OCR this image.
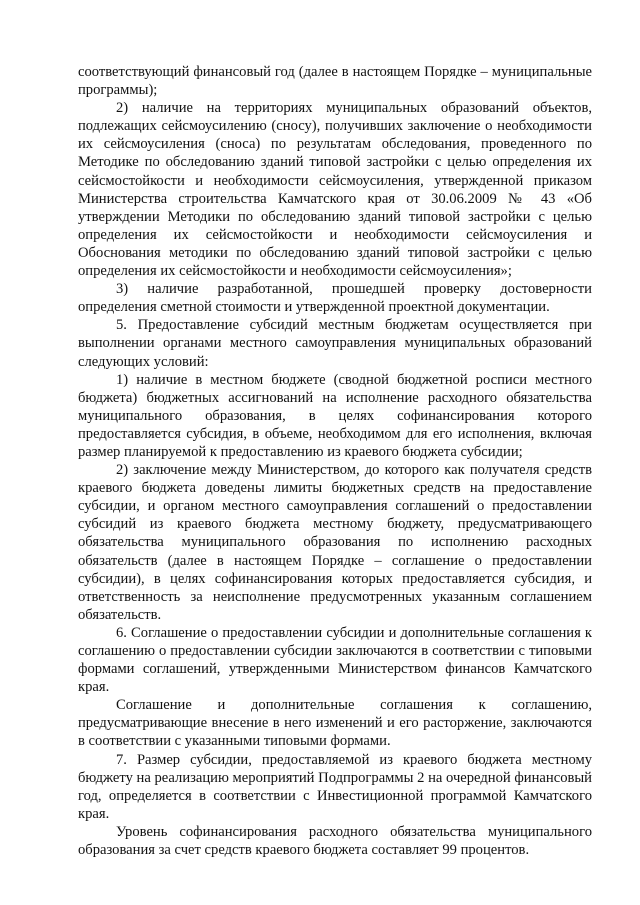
соответствующий финансовый год (далее в настоящем Порядке – муниципальные программы);

2) наличие на территориях муниципальных образований объектов, подлежащих сейсмоусилению (сносу), получивших заключение о необходимости их сейсмоусиления (сноса) по результатам обследования, проведенного по Методике по обследованию зданий типовой застройки с целью определения их сейсмостойкости и необходимости сейсмоусиления, утвержденной приказом Министерства строительства Камчатского края от 30.06.2009 № 43 «Об утверждении Методики по обследованию зданий типовой застройки с целью определения их сейсмостойкости и необходимости сейсмоусиления и Обоснования методики по обследованию зданий типовой застройки с целью определения их сейсмостойкости и необходимости сейсмоусиления»;

3) наличие разработанной, прошедшей проверку достоверности определения сметной стоимости и утвержденной проектной документации.

5. Предоставление субсидий местным бюджетам осуществляется при выполнении органами местного самоуправления муниципальных образований следующих условий:

1) наличие в местном бюджете (сводной бюджетной росписи местного бюджета) бюджетных ассигнований на исполнение расходного обязательства муниципального образования, в целях софинансирования которого предоставляется субсидия, в объеме, необходимом для его исполнения, включая размер планируемой к предоставлению из краевого бюджета субсидии;

2) заключение между Министерством, до которого как получателя средств краевого бюджета доведены лимиты бюджетных средств на предоставление субсидии, и органом местного самоуправления соглашений о предоставлении субсидий из краевого бюджета местному бюджету, предусматривающего обязательства муниципального образования по исполнению расходных обязательств (далее в настоящем Порядке – соглашение о предоставлении субсидии), в целях софинансирования которых предоставляется субсидия, и ответственность за неисполнение предусмотренных указанным соглашением обязательств.

6. Соглашение о предоставлении субсидии и дополнительные соглашения к соглашению о предоставлении субсидии заключаются в соответствии с типовыми формами соглашений, утвержденными Министерством финансов Камчатского края.

Соглашение и дополнительные соглашения к соглашению, предусматривающие внесение в него изменений и его расторжение, заключаются в соответствии с указанными типовыми формами.

7. Размер субсидии, предоставляемой из краевого бюджета местному бюджету на реализацию мероприятий Подпрограммы 2 на очередной финансовый год, определяется в соответствии с Инвестиционной программой Камчатского края.

Уровень софинансирования расходного обязательства муниципального образования за счет средств краевого бюджета составляет 99 процентов.
